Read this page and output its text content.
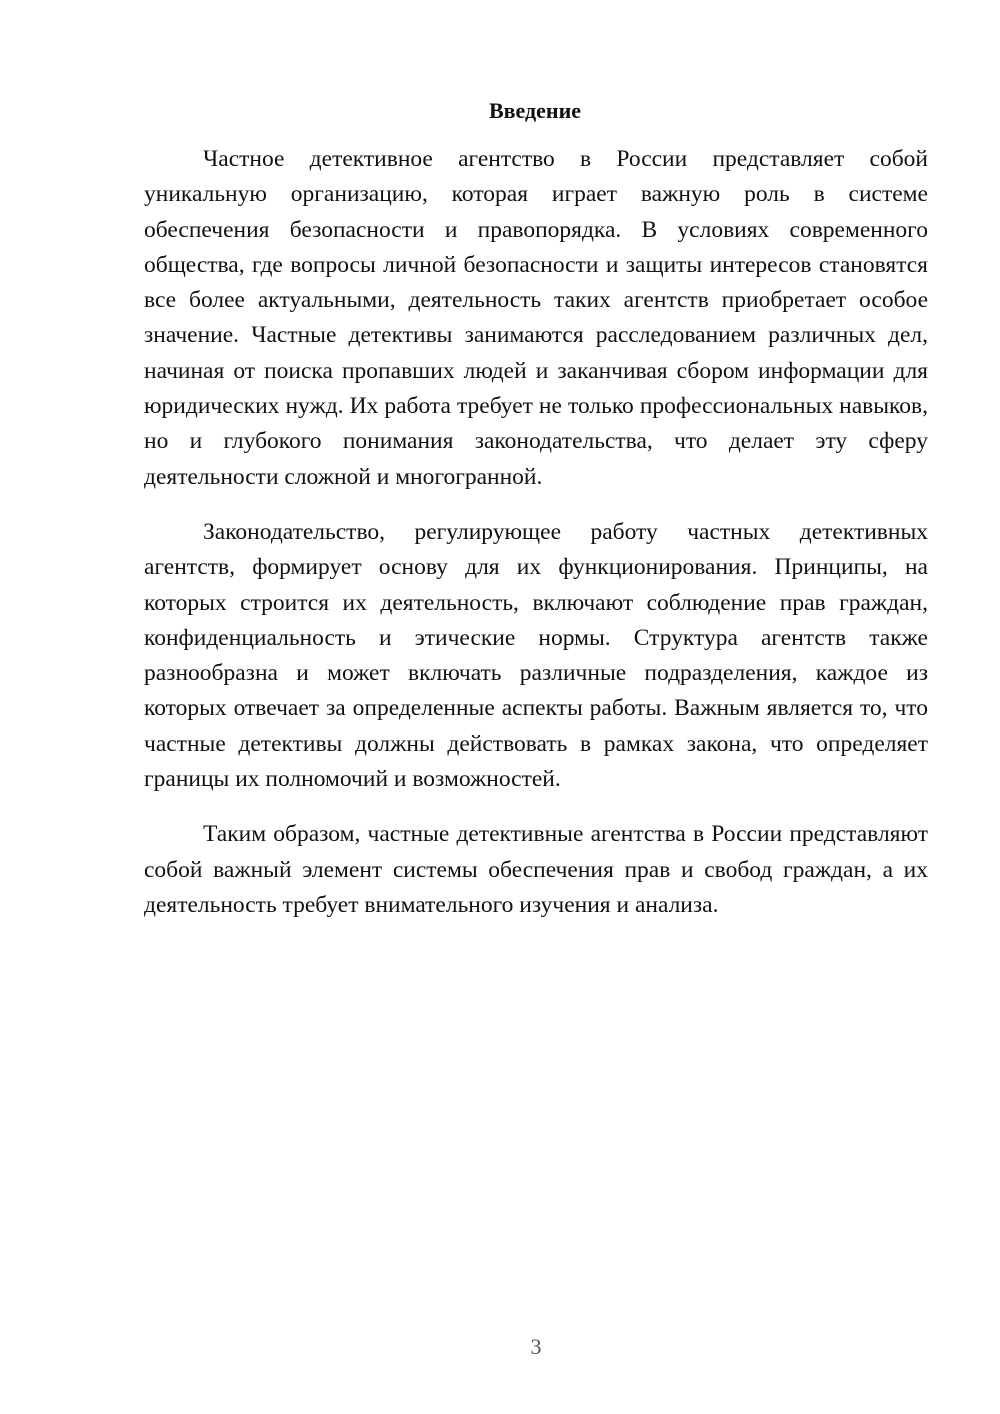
Введение

Частное детективное агентство в России представляет собой уникальную организацию, которая играет важную роль в системе обеспечения безопасности и правопорядка. В условиях современного общества, где вопросы личной безопасности и защиты интересов становятся все более актуальными, деятельность таких агентств приобретает особое значение. Частные детективы занимаются расследованием различных дел, начиная от поиска пропавших людей и заканчивая сбором информации для юридических нужд. Их работа требует не только профессиональных навыков, но и глубокого понимания законодательства, что делает эту сферу деятельности сложной и многогранной.

Законодательство, регулирующее работу частных детективных агентств, формирует основу для их функционирования. Принципы, на которых строится их деятельность, включают соблюдение прав граждан, конфиденциальность и этические нормы. Структура агентств также разнообразна и может включать различные подразделения, каждое из которых отвечает за определенные аспекты работы. Важным является то, что частные детективы должны действовать в рамках закона, что определяет границы их полномочий и возможностей.

Таким образом, частные детективные агентства в России представляют собой важный элемент системы обеспечения прав и свобод граждан, а их деятельность требует внимательного изучения и анализа.

3
